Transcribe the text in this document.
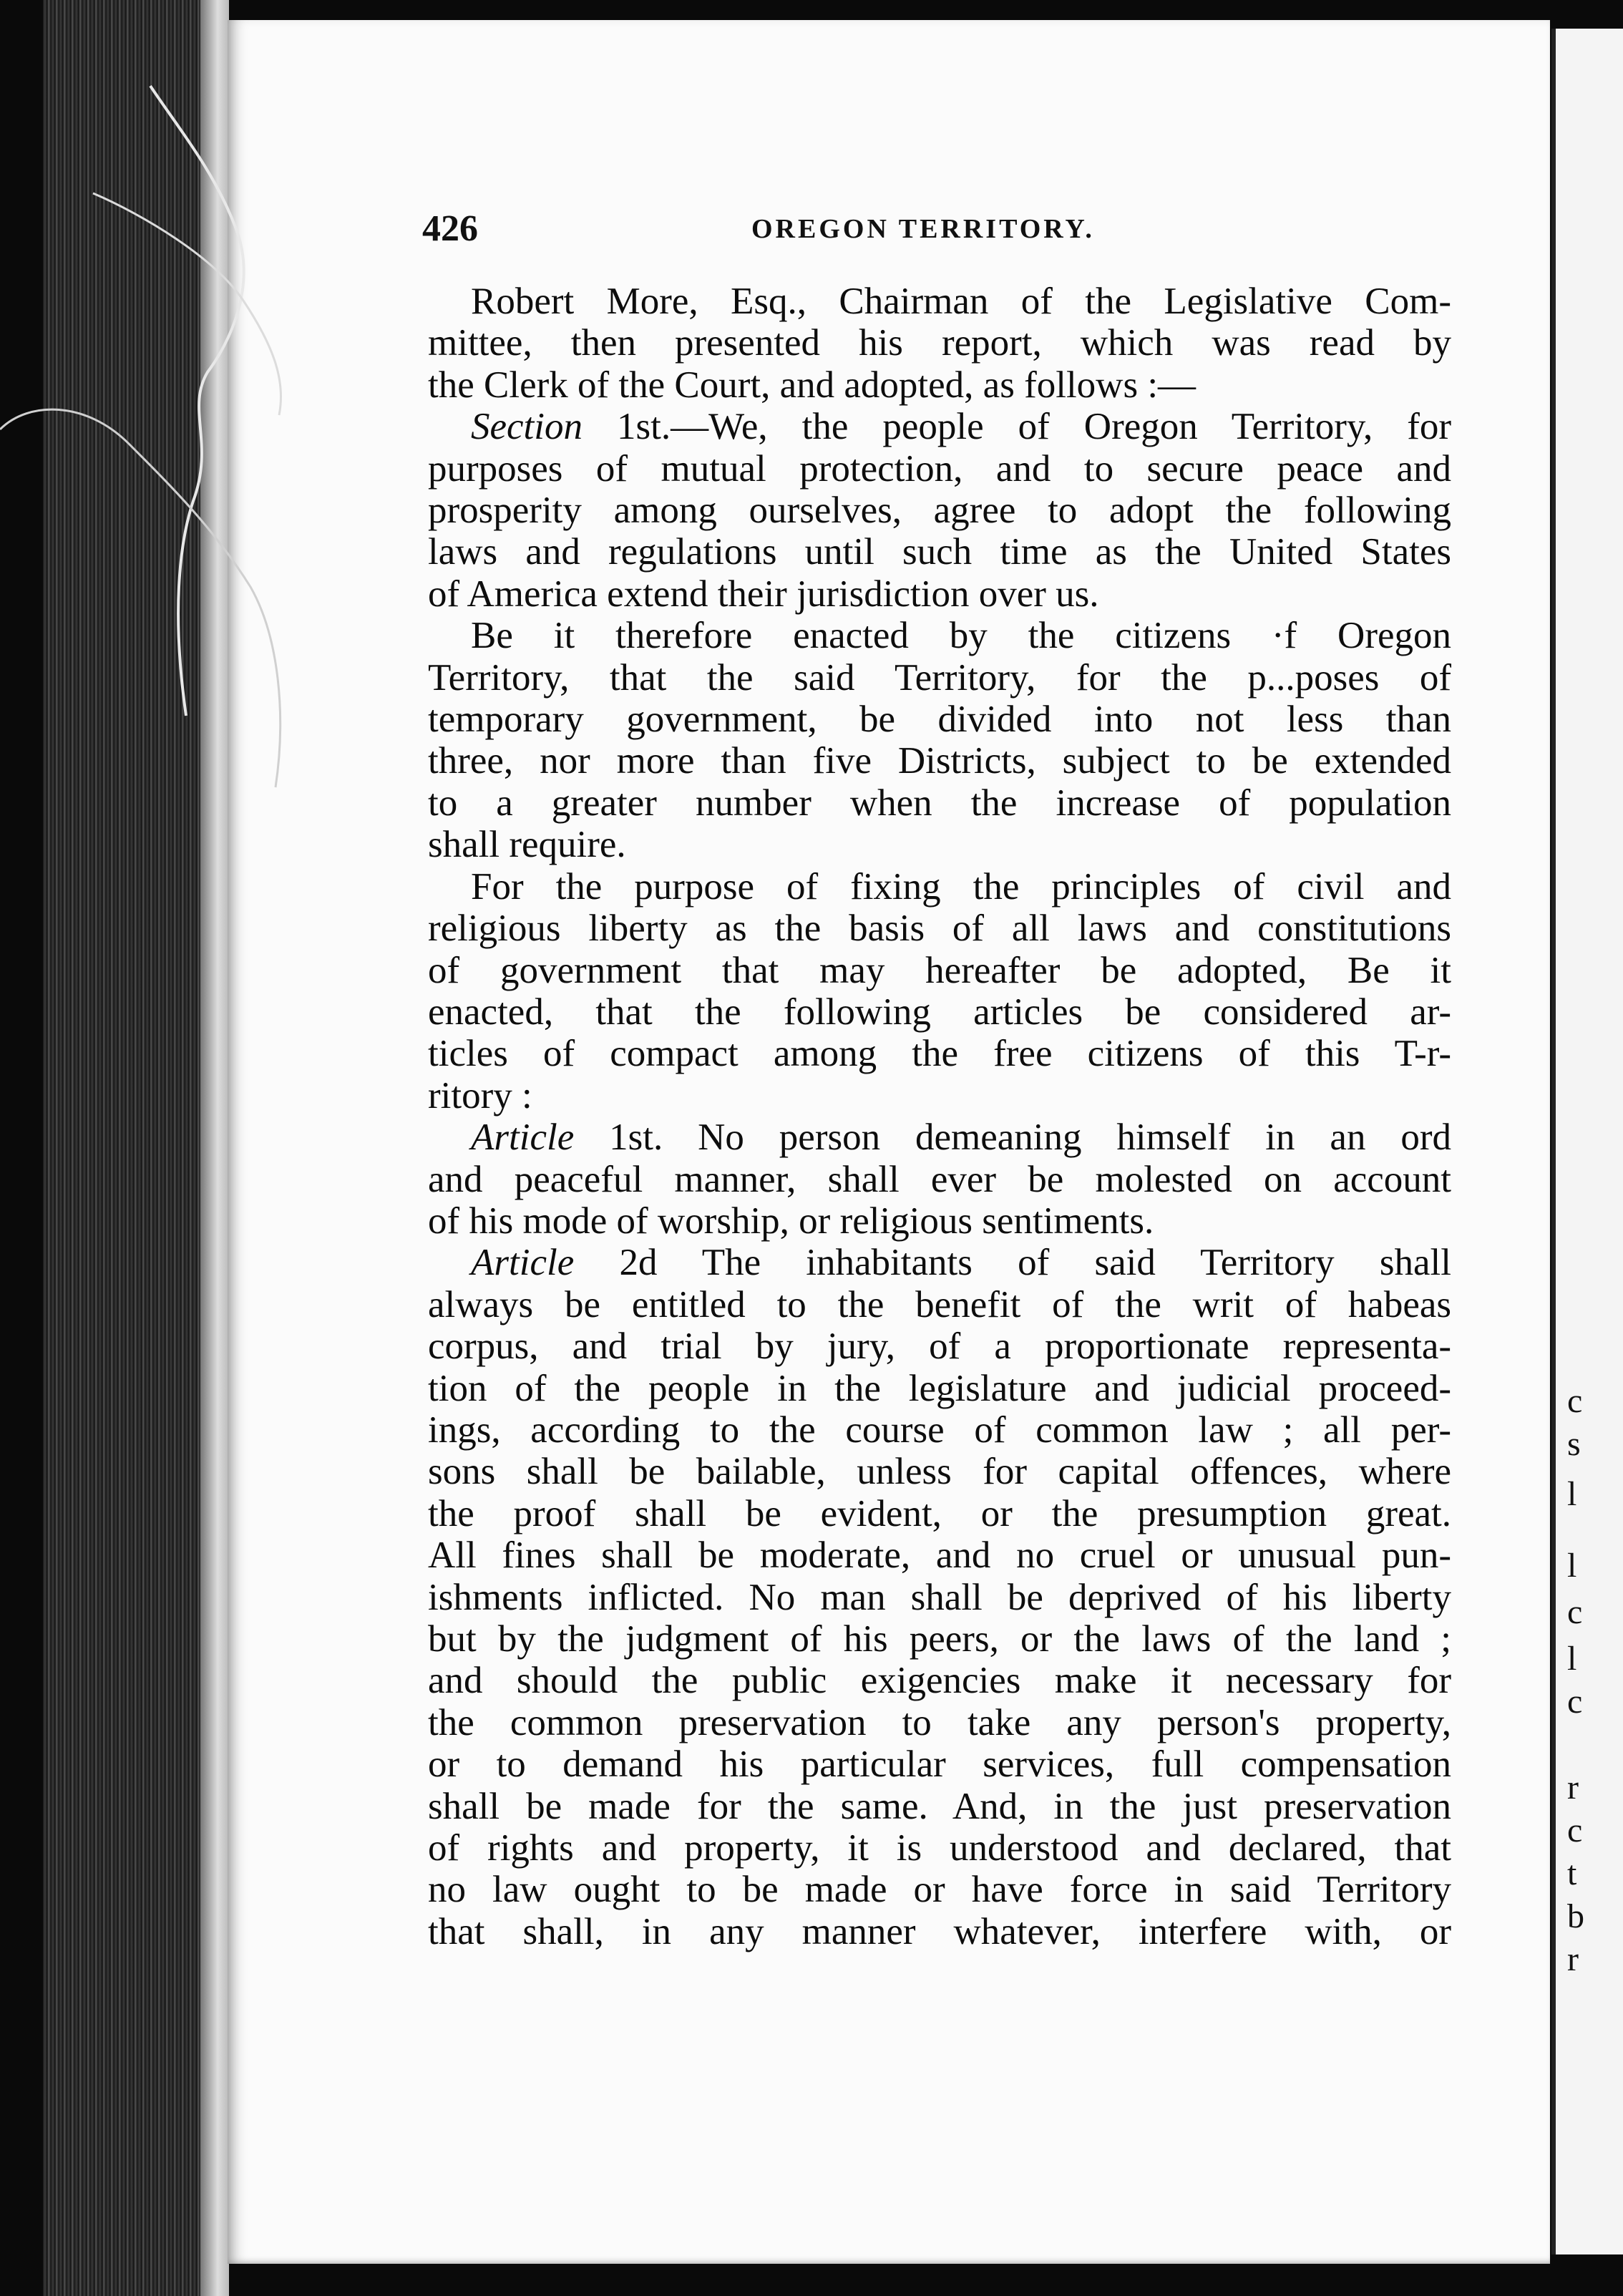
426	OREGON TERRITORY.
Robert More, Esq., Chairman of the Legislative Com-
mittee, then presented his report, which was read by
the Clerk of the Court, and adopted, as follows :—
Section 1st.—We, the people of Oregon Territory, for
purposes of mutual protection, and to secure peace and
prosperity among ourselves, agree to adopt the following
laws and regulations until such time as the United States
of America extend their jurisdiction over us.
Be it therefore enacted by the citizens ·f Oregon
Territory, that the said Territory, for the p...poses of
temporary government, be divided into not less than
three, nor more than five Districts, subject to be extended
to a greater number when the increase of population
shall require.
For the purpose of fixing the principles of civil and
religious liberty as the basis of all laws and constitutions
of government that may hereafter be adopted, Be it
enacted, that the following articles be considered ar-
ticles of compact among the free citizens of this T-r-
ritory :
Article 1st. No person demeaning himself in an ord
and peaceful manner, shall ever be molested on account
of his mode of worship, or religious sentiments.
Article 2d The inhabitants of said Territory shall
always be entitled to the benefit of the writ of habeas
corpus, and trial by jury, of a proportionate representa-
tion of the people in the legislature and judicial proceed-
ings, according to the course of common law ; all per-
sons shall be bailable, unless for capital offences, where
the proof shall be evident, or the presumption great.
All fines shall be moderate, and no cruel or unusual pun-
ishments inflicted. No man shall be deprived of his liberty
but by the judgment of his peers, or the laws of the land ;
and should the public exigencies make it necessary for
the common preservation to take any person's property,
or to demand his particular services, full compensation
shall be made for the same. And, in the just preservation
of rights and property, it is understood and declared, that
no law ought to be made or have force in said Territory
that shall, in any manner whatever, interfere with, or
c
s
l
l
c
l
c
r
c
t
b
r
